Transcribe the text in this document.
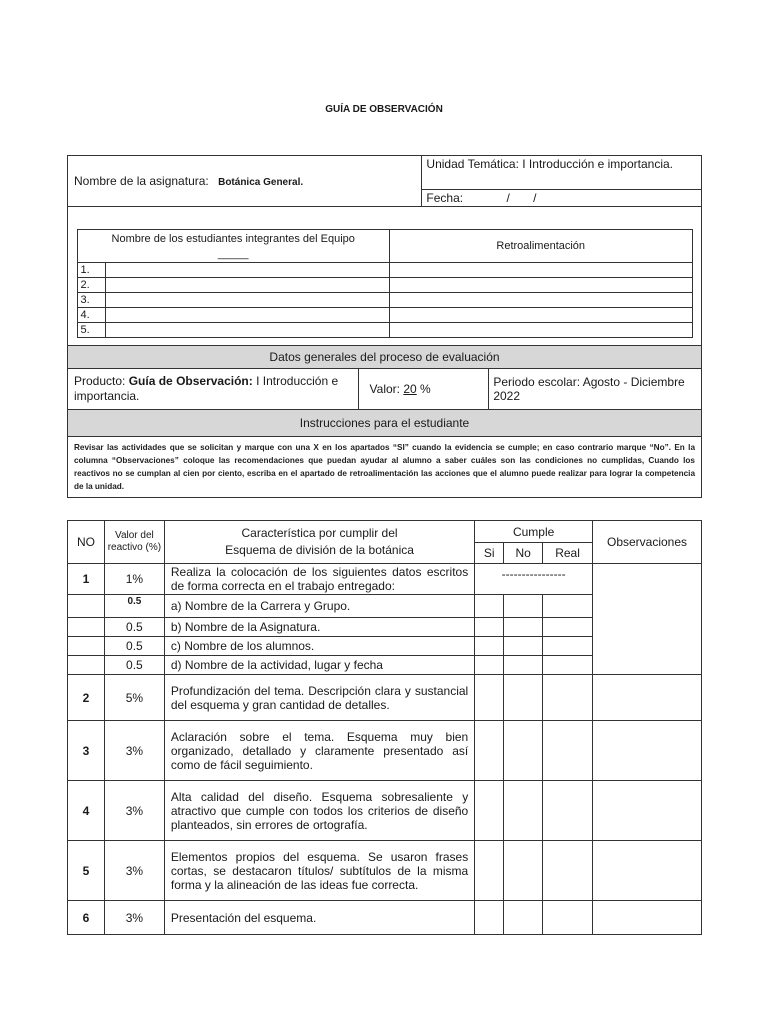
GUÍA DE OBSERVACIÓN
Nombre de la asignatura: Botánica General.	Unidad Temática: I Introducción e importancia.
Fecha:	/ /

Nombre de los estudiantes integrantes del Equipo
_____
	Retroalimentación
1.		
2.		
3.		
4.		
5.		

Datos generales del proceso de evaluación
Producto: Guía de Observación: I Introducción e importancia.	Valor: 20 %	Periodo escolar: Agosto - Diciembre 2022
Instrucciones para el estudiante
Revisar las actividades que se solicitan y marque con una X en los apartados “SI” cuando la evidencia se cumple; en caso contrario marque “No”. En la columna “Observaciones” coloque las recomendaciones que puedan ayudar al alumno a saber cuáles son las condiciones no cumplidas, Cuando los reactivos no se cumplan al cien por ciento, escriba en el apartado de retroalimentación las acciones que el alumno puede realizar para lograr la competencia de la unidad.
NO	Valor del reactivo (%)	Característica por cumplir del
Esquema de división de la botánica	Cumple			Observaciones
			Si	No	Real	
1	1%	Realiza la colocación de los siguientes datos escritos de forma correcta en el trabajo entregado:	----------------			
	0.5	a) Nombre de la Carrera y Grupo.				
	0.5	b) Nombre de la Asignatura.				
	0.5	c) Nombre de los alumnos.				
	0.5	d) Nombre de la actividad, lugar y fecha				
2	5%	Profundización del tema. Descripción clara y sustancial del esquema y gran cantidad de detalles.				
3	3%	Aclaración sobre el tema. Esquema muy bien organizado, detallado y claramente presentado así como de fácil seguimiento.				
4	3%	Alta calidad del diseño. Esquema sobresaliente y atractivo que cumple con todos los criterios de diseño planteados, sin errores de ortografía.				
5	3%	Elementos propios del esquema. Se usaron frases cortas, se destacaron títulos/ subtítulos de la misma forma y la alineación de las ideas fue correcta.				
6	3%	Presentación del esquema.				
